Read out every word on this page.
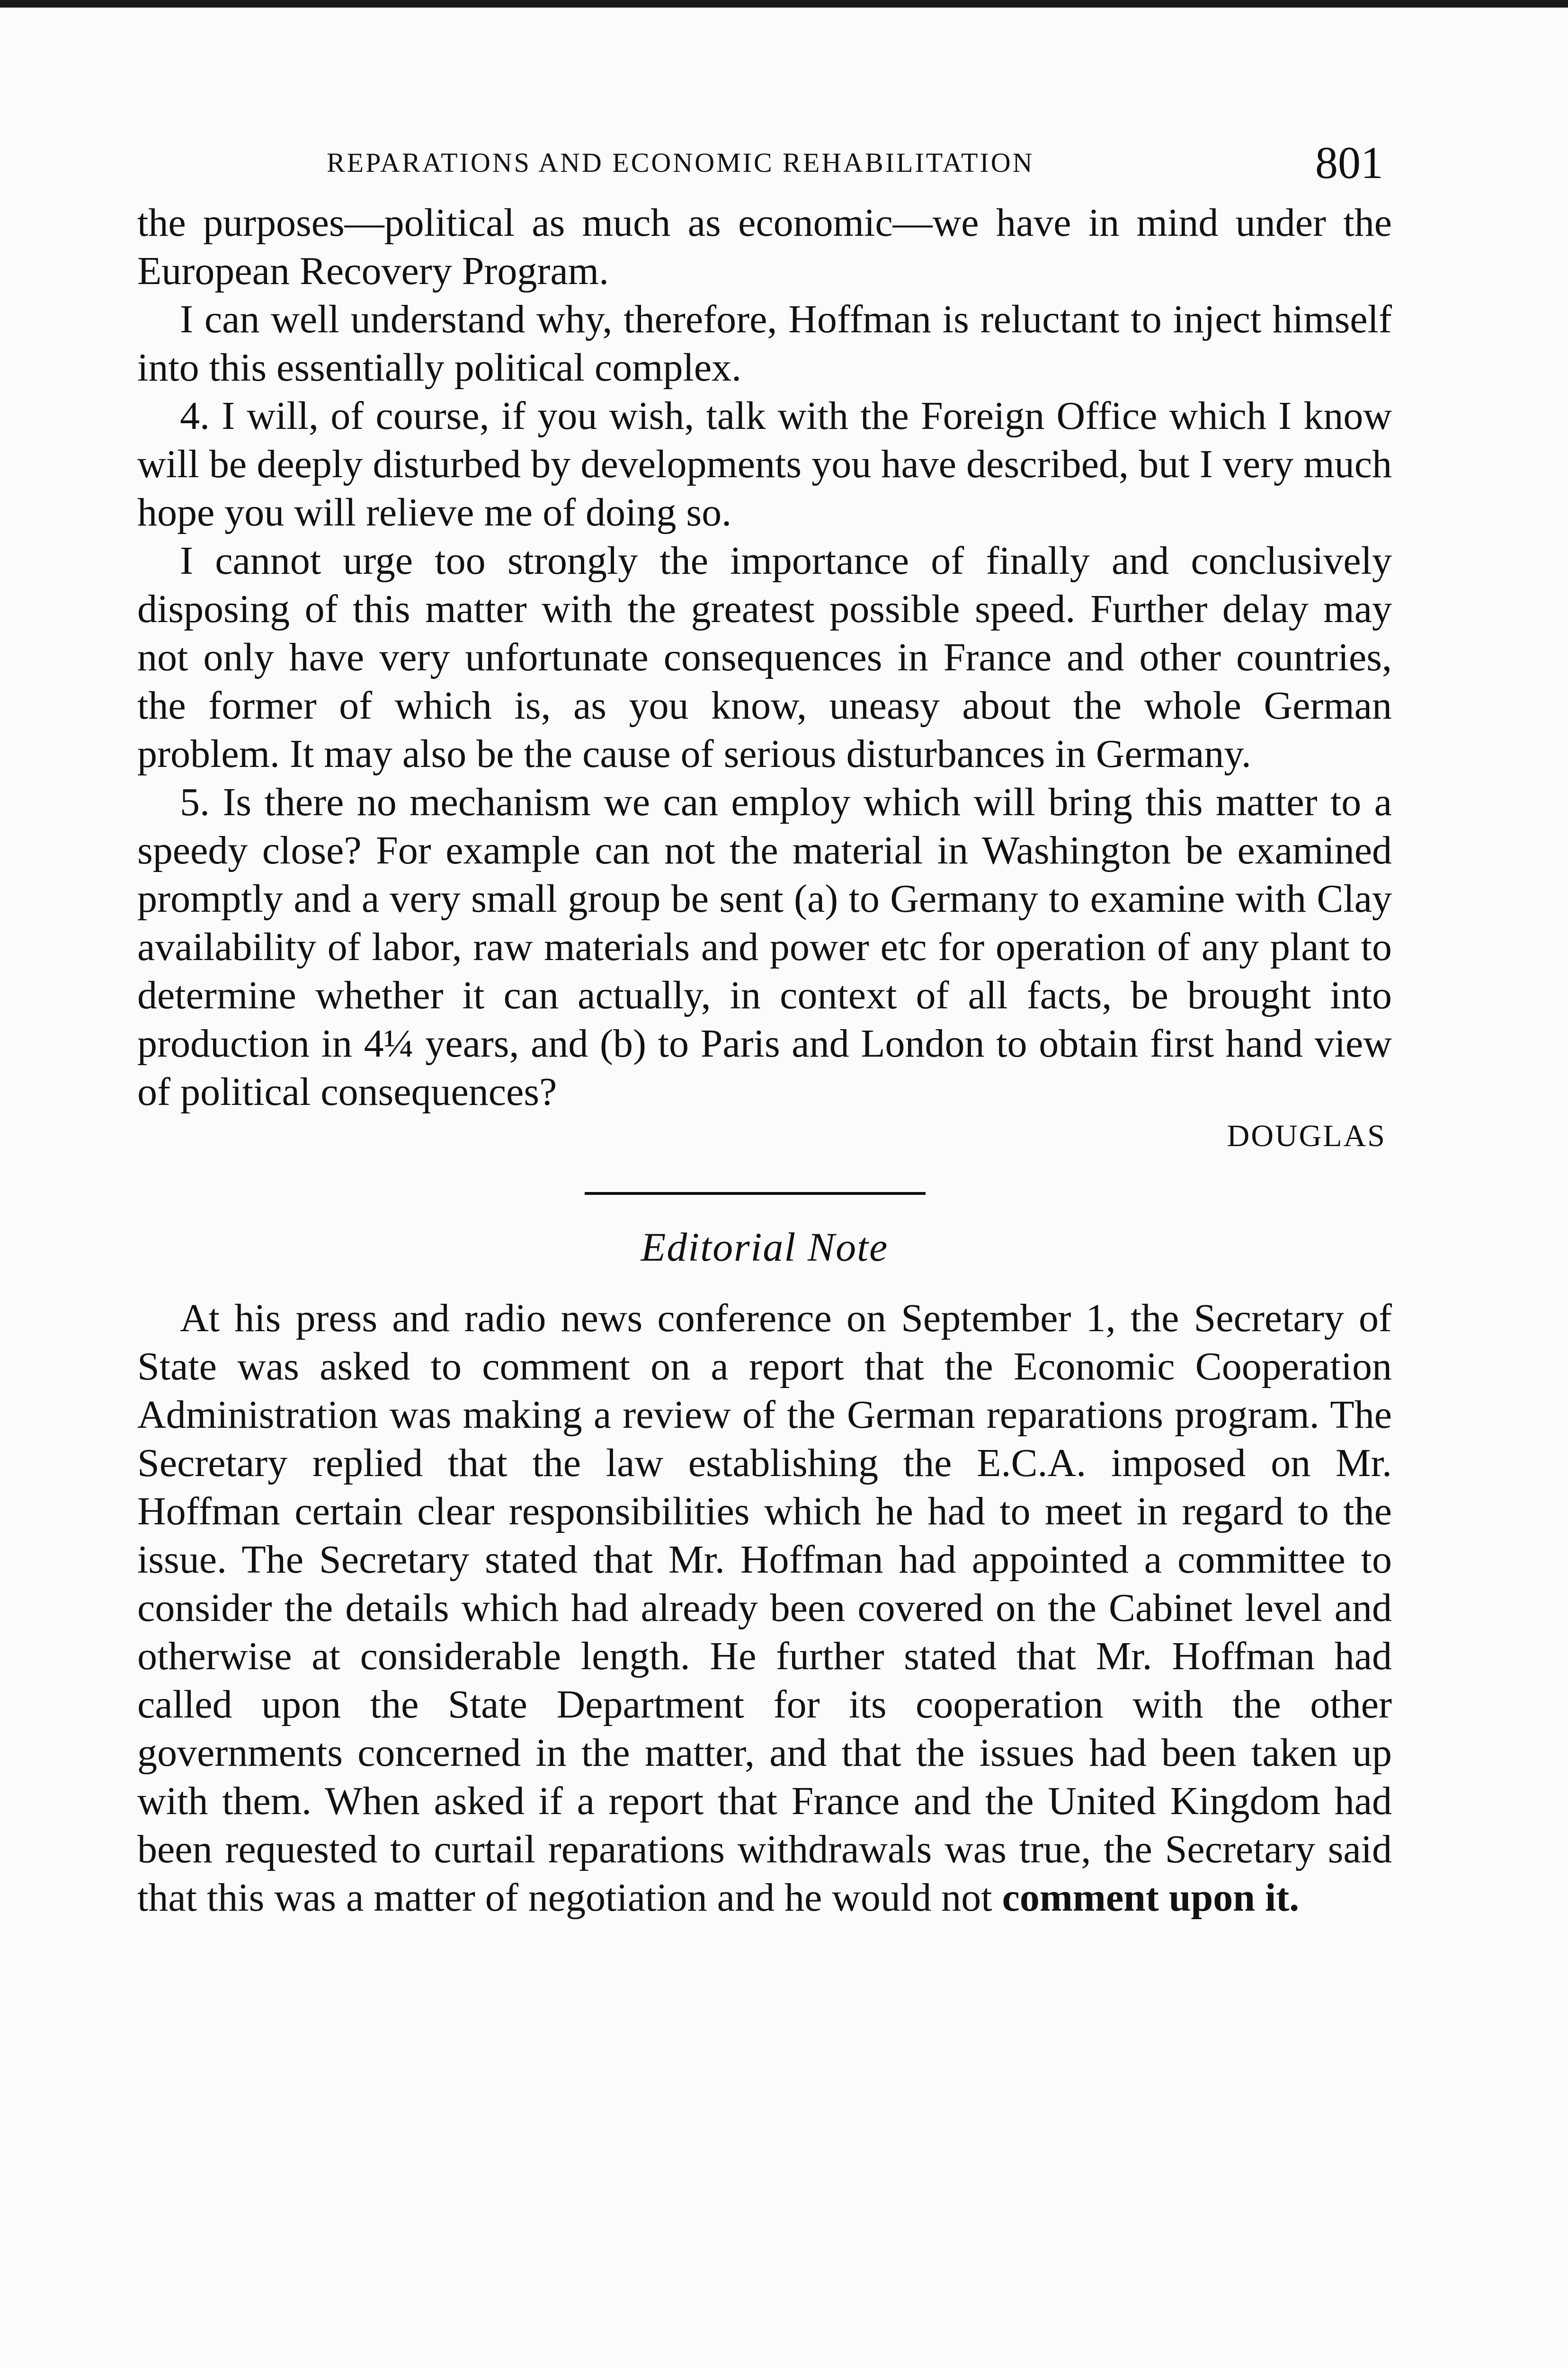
REPARATIONS AND ECONOMIC REHABILITATION	801

the purposes—political as much as economic—we have in mind under the European Recovery Program.

I can well understand why, therefore, Hoffman is reluctant to inject himself into this essentially political complex.

4. I will, of course, if you wish, talk with the Foreign Office which I know will be deeply disturbed by developments you have described, but I very much hope you will relieve me of doing so.

I cannot urge too strongly the importance of finally and conclusively disposing of this matter with the greatest possible speed. Further delay may not only have very unfortunate consequences in France and other countries, the former of which is, as you know, uneasy about the whole German problem. It may also be the cause of serious disturbances in Germany.

5. Is there no mechanism we can employ which will bring this matter to a speedy close? For example can not the material in Washington be examined promptly and a very small group be sent (a) to Germany to examine with Clay availability of labor, raw materials and power etc for operation of any plant to determine whether it can actually, in context of all facts, be brought into production in 4¼ years, and (b) to Paris and London to obtain first hand view of political consequences?

DOUGLAS
Editorial Note

At his press and radio news conference on September 1, the Secretary of State was asked to comment on a report that the Economic Cooperation Administration was making a review of the German reparations program. The Secretary replied that the law establishing the E.C.A. imposed on Mr. Hoffman certain clear responsibilities which he had to meet in regard to the issue. The Secretary stated that Mr. Hoffman had appointed a committee to consider the details which had already been covered on the Cabinet level and otherwise at considerable length. He further stated that Mr. Hoffman had called upon the State Department for its cooperation with the other governments concerned in the matter, and that the issues had been taken up with them. When asked if a report that France and the United Kingdom had been requested to curtail reparations withdrawals was true, the Secretary said that this was a matter of negotiation and he would not comment upon it.
